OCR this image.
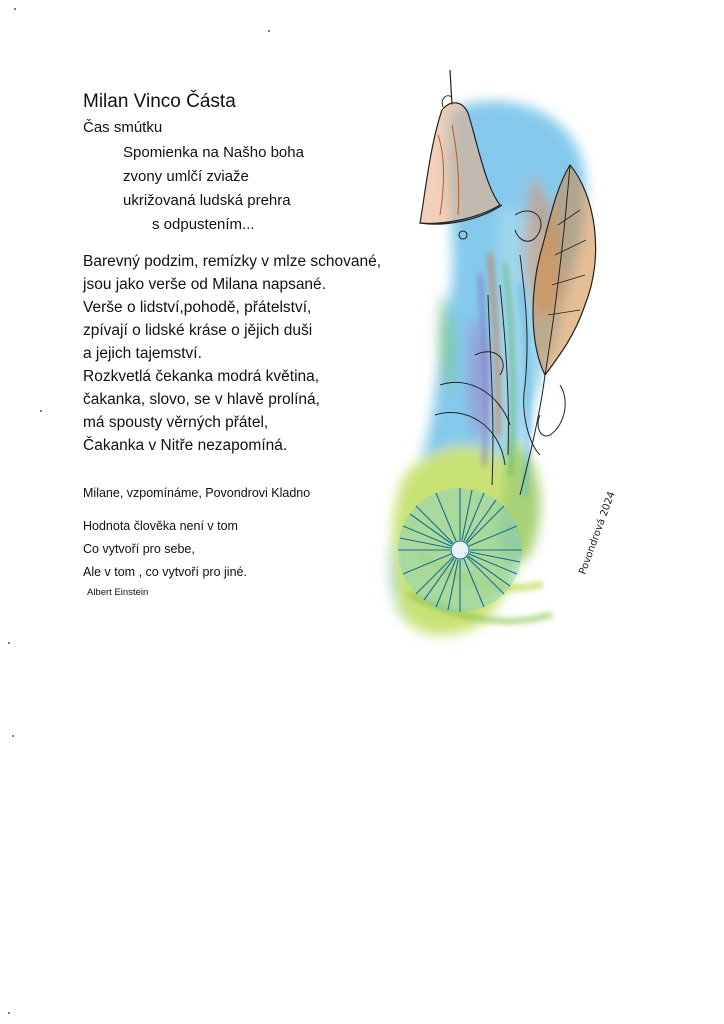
Milan Vinco Částa
Čas smútku
Spomienka na Našho boha
zvony umlčí zviaže
ukrižovaná ludská prehra
s odpustením...
Barevný podzim, remízky v mlze schované,
jsou jako verše od Milana napsané.
Verše o lidství,pohodě, přátelství,
zpívají o lidské kráse o jějich duši
a jejich tajemství.
Rozkvetlá čekanka modrá květina,
čakanka, slovo, se v hlavě prolíná,
má spousty věrných přátel,
Čakanka v Nitře nezapomíná.
Milane, vzpomínáme, Povondrovi Kladno
Hodnota člověka není v tom
Co vytvoří pro sebe,
Ale v tom , co vytvoří pro jiné.
Albert Einstein
Povondrová 2024
